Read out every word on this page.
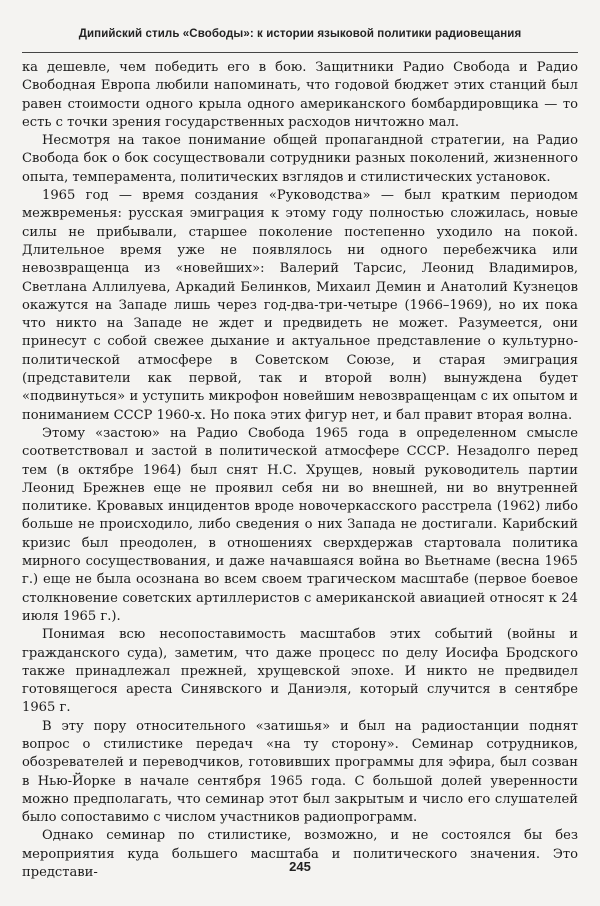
Дипийский стиль «Свободы»: к истории языковой политики радиовещания

ка дешевле, чем победить его в бою. Защитники Радио Свобода и Радио Свободная Европа любили напоминать, что годовой бюджет этих станций был равен стоимости одного крыла одного американского бомбардировщика — то есть с точки зрения государственных расходов ничтожно мал.

Несмотря на такое понимание общей пропагандной стратегии, на Радио Свобода бок о бок сосуществовали сотрудники разных поколений, жизненного опыта, темперамента, политических взглядов и стилистических установок.

1965 год — время создания «Руководства» — был кратким периодом межвременья: русская эмиграция к этому году полностью сложилась, новые силы не прибывали, старшее поколение постепенно уходило на покой. Длительное время уже не появлялось ни одного перебежчика или невозвращенца из «новейших»: Валерий Тарсис, Леонид Владимиров, Светлана Аллилуева, Аркадий Белинков, Михаил Демин и Анатолий Кузнецов окажутся на Западе лишь через год-два-три-четыре (1966–1969), но их пока что никто на Западе не ждет и предвидеть не может. Разумеется, они принесут с собой свежее дыхание и актуальное представление о культурно-политической атмосфере в Советском Союзе, и старая эмиграция (представители как первой, так и второй волн) вынуждена будет «подвинуться» и уступить микрофон новейшим невозвращенцам с их опытом и пониманием СССР 1960-х. Но пока этих фигур нет, и бал правит вторая волна.

Этому «застою» на Радио Свобода 1965 года в определенном смысле соответствовал и застой в политической атмосфере СССР. Незадолго перед тем (в октябре 1964) был снят Н.С. Хрущев, новый руководитель партии Леонид Брежнев еще не проявил себя ни во внешней, ни во внутренней политике. Кровавых инцидентов вроде новочеркасского расстрела (1962) либо больше не происходило, либо сведения о них Запада не достигали. Карибский кризис был преодолен, в отношениях сверхдержав стартовала политика мирного сосуществования, и даже начавшаяся война во Вьетнаме (весна 1965 г.) еще не была осознана во всем своем трагическом масштабе (первое боевое столкновение советских артиллеристов с американской авиацией относят к 24 июля 1965 г.).

Понимая всю несопоставимость масштабов этих событий (войны и гражданского суда), заметим, что даже процесс по делу Иосифа Бродского также принадлежал прежней, хрущевской эпохе. И никто не предвидел готовящегося ареста Синявского и Даниэля, который случится в сентябре 1965 г.

В эту пору относительного «затишья» и был на радиостанции поднят вопрос о стилистике передач «на ту сторону». Семинар сотрудников, обозревателей и переводчиков, готовивших программы для эфира, был созван в Нью-Йорке в начале сентября 1965 года. С большой долей уверенности можно предполагать, что семинар этот был закрытым и число его слушателей было сопоставимо с числом участников радиопрограмм.

Однако семинар по стилистике, возможно, и не состоялся бы без мероприятия куда большего масштаба и политического значения. Это представи-	245
